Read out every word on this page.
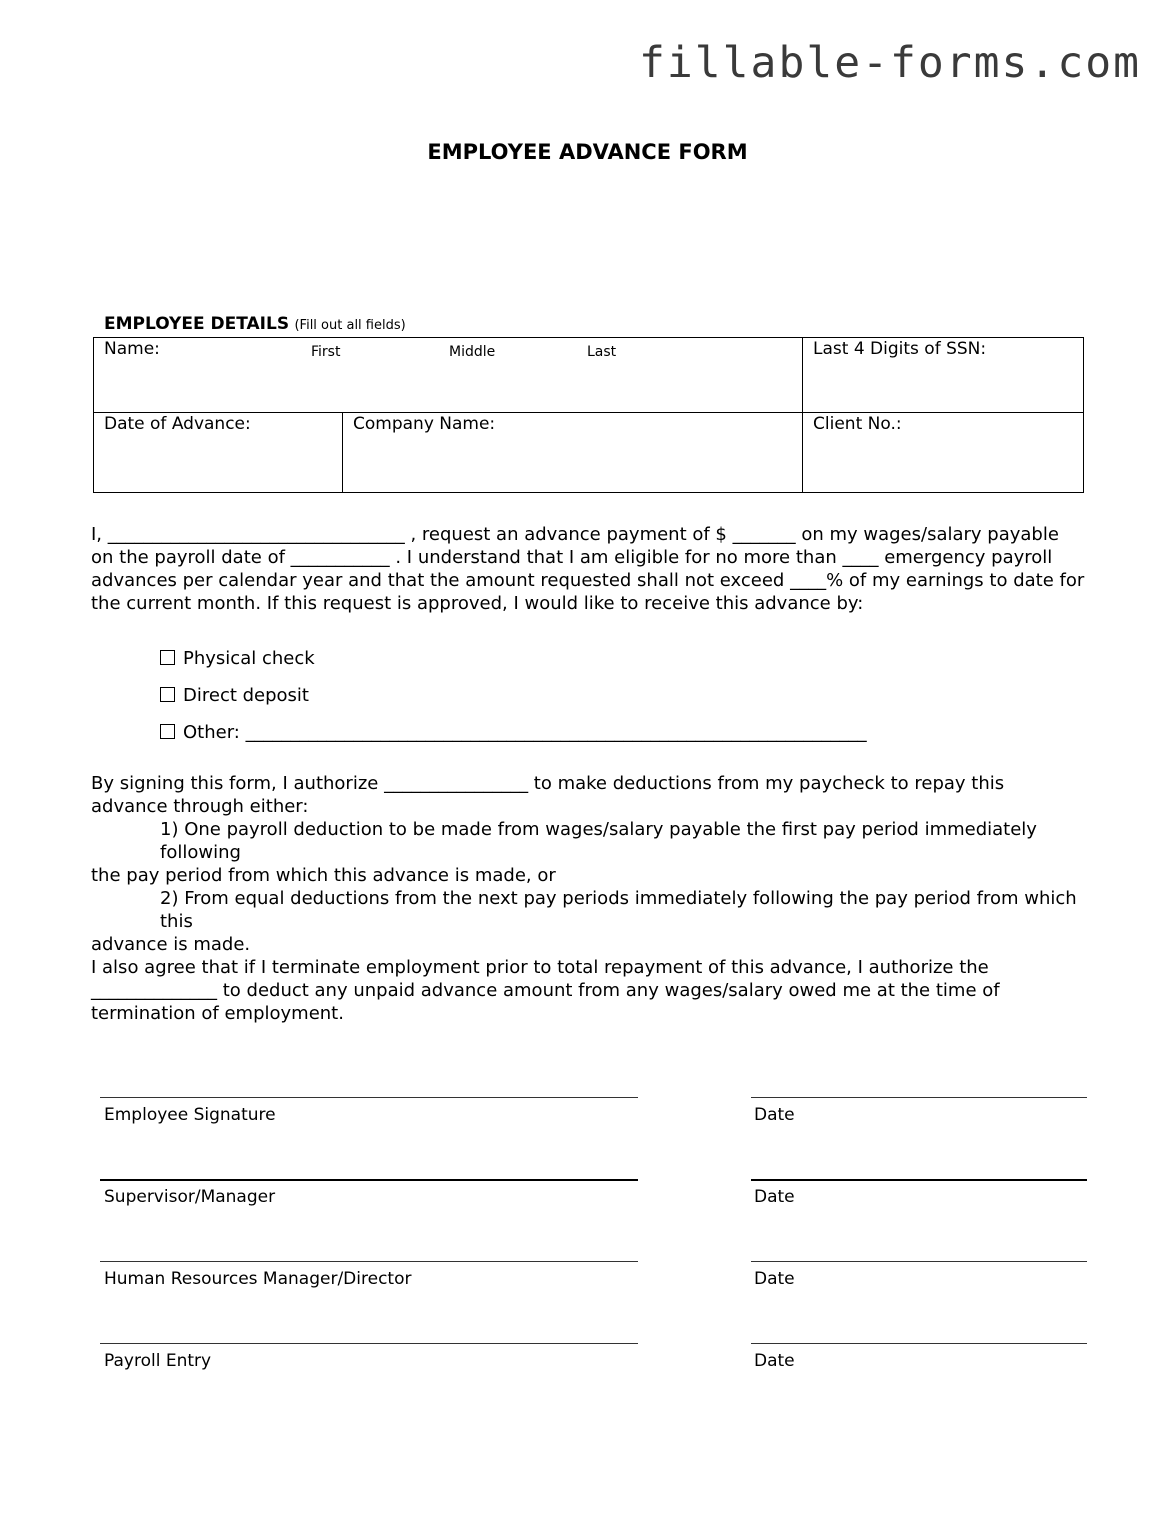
fillable-forms.com
EMPLOYEE ADVANCE FORM
EMPLOYEE DETAILS (Fill out all fields)
Name: First Middle Last		Last 4 Digits of SSN:
Date of Advance:	Company Name:	Client No.:

I, _________________________________ , request an advance payment of $ _______ on my wages/salary payable on the payroll date of ___________ . I understand that I am eligible for no more than ____ emergency payroll advances per calendar year and that the amount requested shall not exceed ____% of my earnings to date for the current month. If this request is approved, I would like to receive this advance by:

Physical check
Direct deposit
Other: _____________________________________________________________________

By signing this form, I authorize ________________ to make deductions from my paycheck to repay this advance through either:

1) One payroll deduction to be made from wages/salary payable the first pay period immediately following

the pay period from which this advance is made, or

2) From equal deductions from the next pay periods immediately following the pay period from which this

advance is made.

I also agree that if I terminate employment prior to total repayment of this advance, I authorize the ______________ to deduct any unpaid advance amount from any wages/salary owed me at the time of termination of employment.

Employee Signature	Date
Supervisor/Manager	Date
Human Resources Manager/Director	Date
Payroll Entry	Date
